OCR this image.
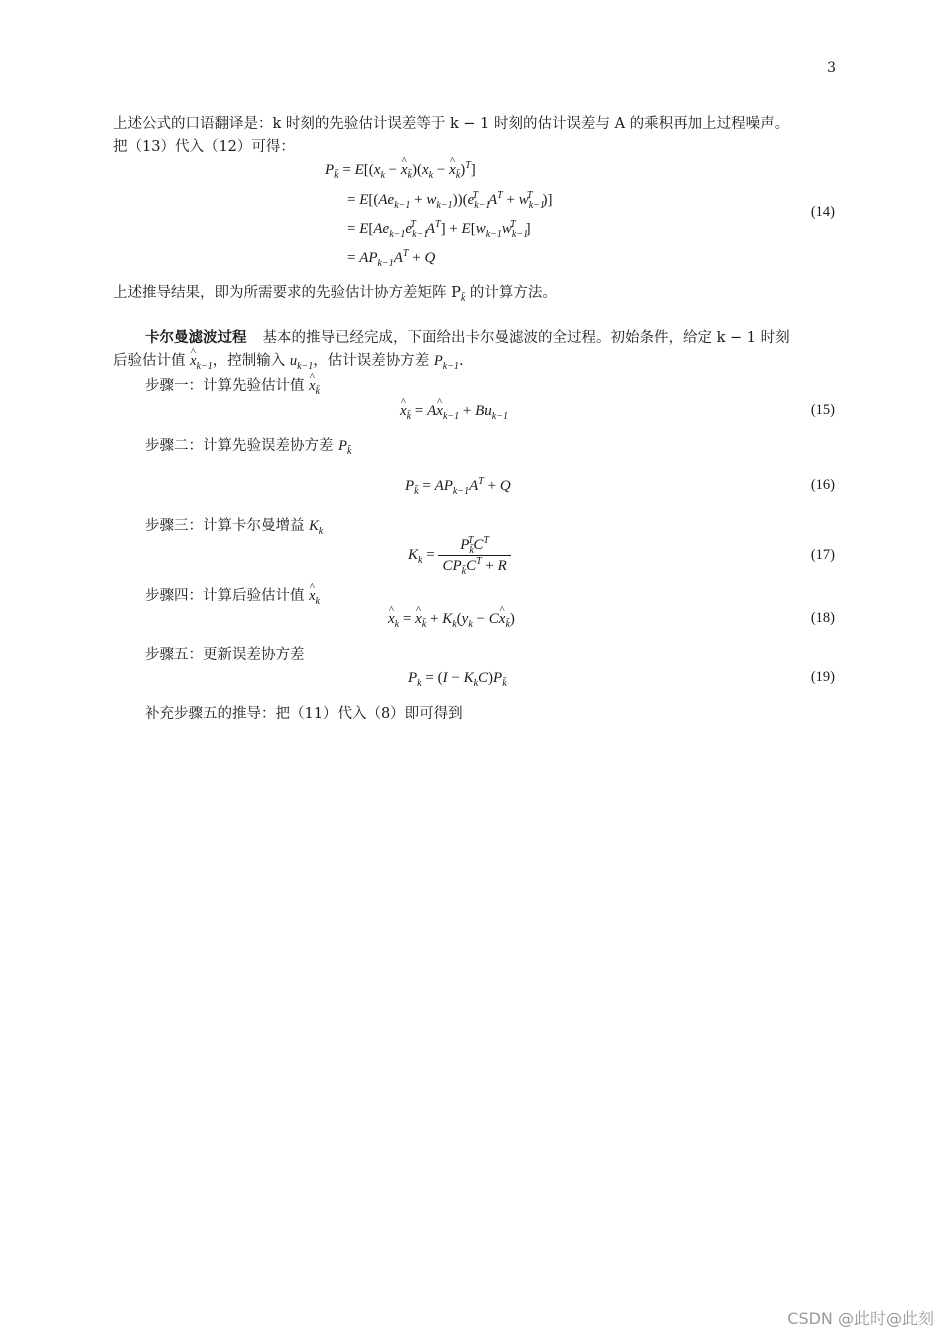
3
上述公式的口语翻译是：k 时刻的先验估计误差等于 k − 1 时刻的估计误差与 A 的乘积再加上过程噪声。
把（13）代入（12）可得：
$P_{k̄} = E[(x_k$ − ^ $x_{k̄})(x_k$ − ^ $x_{k̄})^T$]
= $E[(Ae_{k-1} + w_{k-1}))(e_{k-1}^T$ $A^T + w_{k-1}^T$ )]
= $E[Ae_{k-1}e_{k-1}^T$ $A^T] + E[w_{k-1}w_{k-1}^T$ ]
= $AP_{k-1}A^T + Q$
(14)
上述推导结果，即为所需要求的先验估计协方差矩阵 $P_{k̄}$ 的计算方法。
卡尔曼滤波过程 基本的推导已经完成，下面给出卡尔曼滤波的全过程。初始条件，给定 k − 1 时刻
后验估计值 ^ $x_{k-1}$，控制输入 $u_{k-1}$，估计误差协方差 $P_{k-1}$.
步骤一：计算先验估计值 ^ $x_{k̄}$
^ $x_{k̄}$ = A^ $x_{k-1} + Bu_{k-1}$	(15)
步骤二：计算先验误差协方差 $P_{k̄}$
$P_{k̄} = AP_{k-1}A^T + Q$	(16)
步骤三：计算卡尔曼增益 $K_k$
$K_k = \frac{P_{k̄}^TC^T}{CP_{k̄}C^T + R}$	(17)
步骤四：计算后验估计值 ^ $x_k$
^ $x_k$ = ^ $x_{k̄} + K_k(y_k$ − C^ $x_{k̄}$)	(18)
步骤五：更新误差协方差
$P_k = (I - K_kC)P_{k̄}$	(19)
补充步骤五的推导：把（11）代入（8）即可得到
CSDN @此时@此刻
